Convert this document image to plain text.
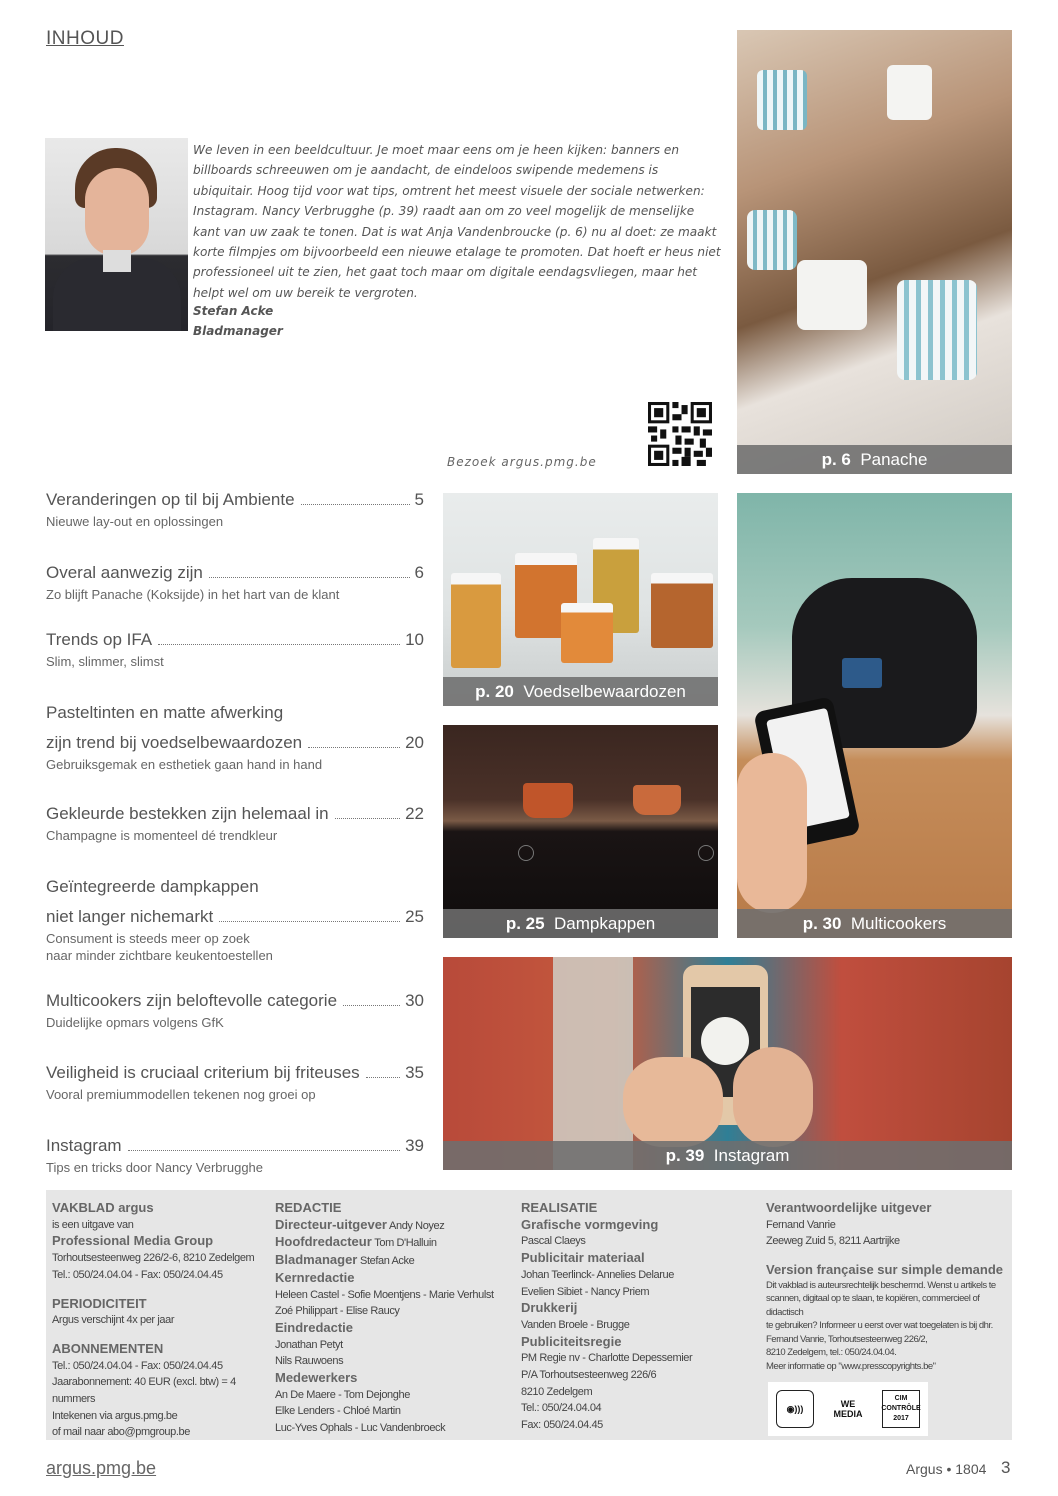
INHOUD
We leven in een beeldcultuur. Je moet maar eens om je heen kijken: banners en billboards schreeuwen om je aandacht, de eindeloos swipende medemens is ubiquitair. Hoog tijd voor wat tips, omtrent het meest visuele der sociale netwerken: Instagram. Nancy Verbrugghe (p. 39) raadt aan om zo veel mogelijk de menselijke kant van uw zaak te tonen. Dat is wat Anja Vandenbroucke (p. 6) nu al doet: ze maakt korte filmpjes om bijvoorbeeld een nieuwe etalage te promoten. Dat hoeft er heus niet professioneel uit te zien, het gaat toch maar om digitale eendagsvliegen, maar het helpt wel om uw bereik te vergroten.
Stefan Acke
Bladmanager
Bezoek argus.pmg.be	p. 6 Panache
p. 20 Voedselbewaardozen
p. 25 Dampkappen	p. 30 Multicookers
p. 39 Instagram
Veranderingen op til bij Ambiente	5
Nieuwe lay-out en oplossingen
Overal aanwezig zijn	6
Zo blijft Panache (Koksijde) in het hart van de klant
Trends op IFA	10
Slim, slimmer, slimst
Pasteltinten en matte afwerking
zijn trend bij voedselbewaardozen	20
Gebruiksgemak en esthetiek gaan hand in hand
Gekleurde bestekken zijn helemaal in	22
Champagne is momenteel dé trendkleur
Geïntegreerde dampkappen
niet langer nichemarkt	25
Consument is steeds meer op zoek
naar minder zichtbare keukentoestellen
Multicookers zijn beloftevolle categorie	30
Duidelijke opmars volgens GfK
Veiligheid is cruciaal criterium bij friteuses	35
Vooral premiummodellen tekenen nog groei op
Instagram	39
Tips en tricks door Nancy Verbrugghe
VAKBLAD argus
is een uitgave van
Professional Media Group
Torhoutsesteenweg 226/2-6, 8210 Zedelgem
Tel.: 050/24.04.04 - Fax: 050/24.04.45
PERIODICITEIT
Argus verschijnt 4x per jaar
ABONNEMENTEN
Tel.: 050/24.04.04 - Fax: 050/24.04.45
Jaarabonnement: 40 EUR (excl. btw) = 4 nummers
Intekenen via argus.pmg.be
of mail naar abo@pmgroup.be
REDACTIE
Directeur-uitgever Andy Noyez
Hoofdredacteur Tom D'Halluin
Bladmanager Stefan Acke
Kernredactie
Heleen Castel - Sofie Moentjens - Marie Verhulst
Zoé Philippart - Elise Raucy
Eindredactie
Jonathan Petyt
Nils Rauwoens
Medewerkers
An De Maere - Tom Dejonghe
Elke Lenders - Chloé Martin
Luc-Yves Ophals - Luc Vandenbroeck
REALISATIE
Grafische vormgeving
Pascal Claeys
Publicitair materiaal
Johan Teerlinck- Annelies Delarue
Evelien Sibiet - Nancy Priem
Drukkerij
Vanden Broele - Brugge
Publiciteitsregie
PM Regie nv - Charlotte Depessemier
P/A Torhoutsesteenweg 226/6
8210 Zedelgem
Tel.: 050/24.04.04
Fax: 050/24.04.45
Verantwoordelijke uitgever
Fernand Vanrie
Zeeweg Zuid 5, 8211 Aartrijke
Version française sur simple demande
Dit vakblad is auteursrechtelijk beschermd. Wenst u artikels te
scannen, digitaal op te slaan, te kopiëren, commercieel of didactisch
te gebruiken? Informeer u eerst over wat toegelaten is bij dhr.
Fernand Vanrie, Torhoutsesteenweg 226/2,
8210 Zedelgem, tel.: 050/24.04.04.
Meer informatie op "www.presscopyrights.be"
◉)))	WE MEDIA
CIM CONTRÔLE 2017
argus.pmg.be	Argus • 1804 3
